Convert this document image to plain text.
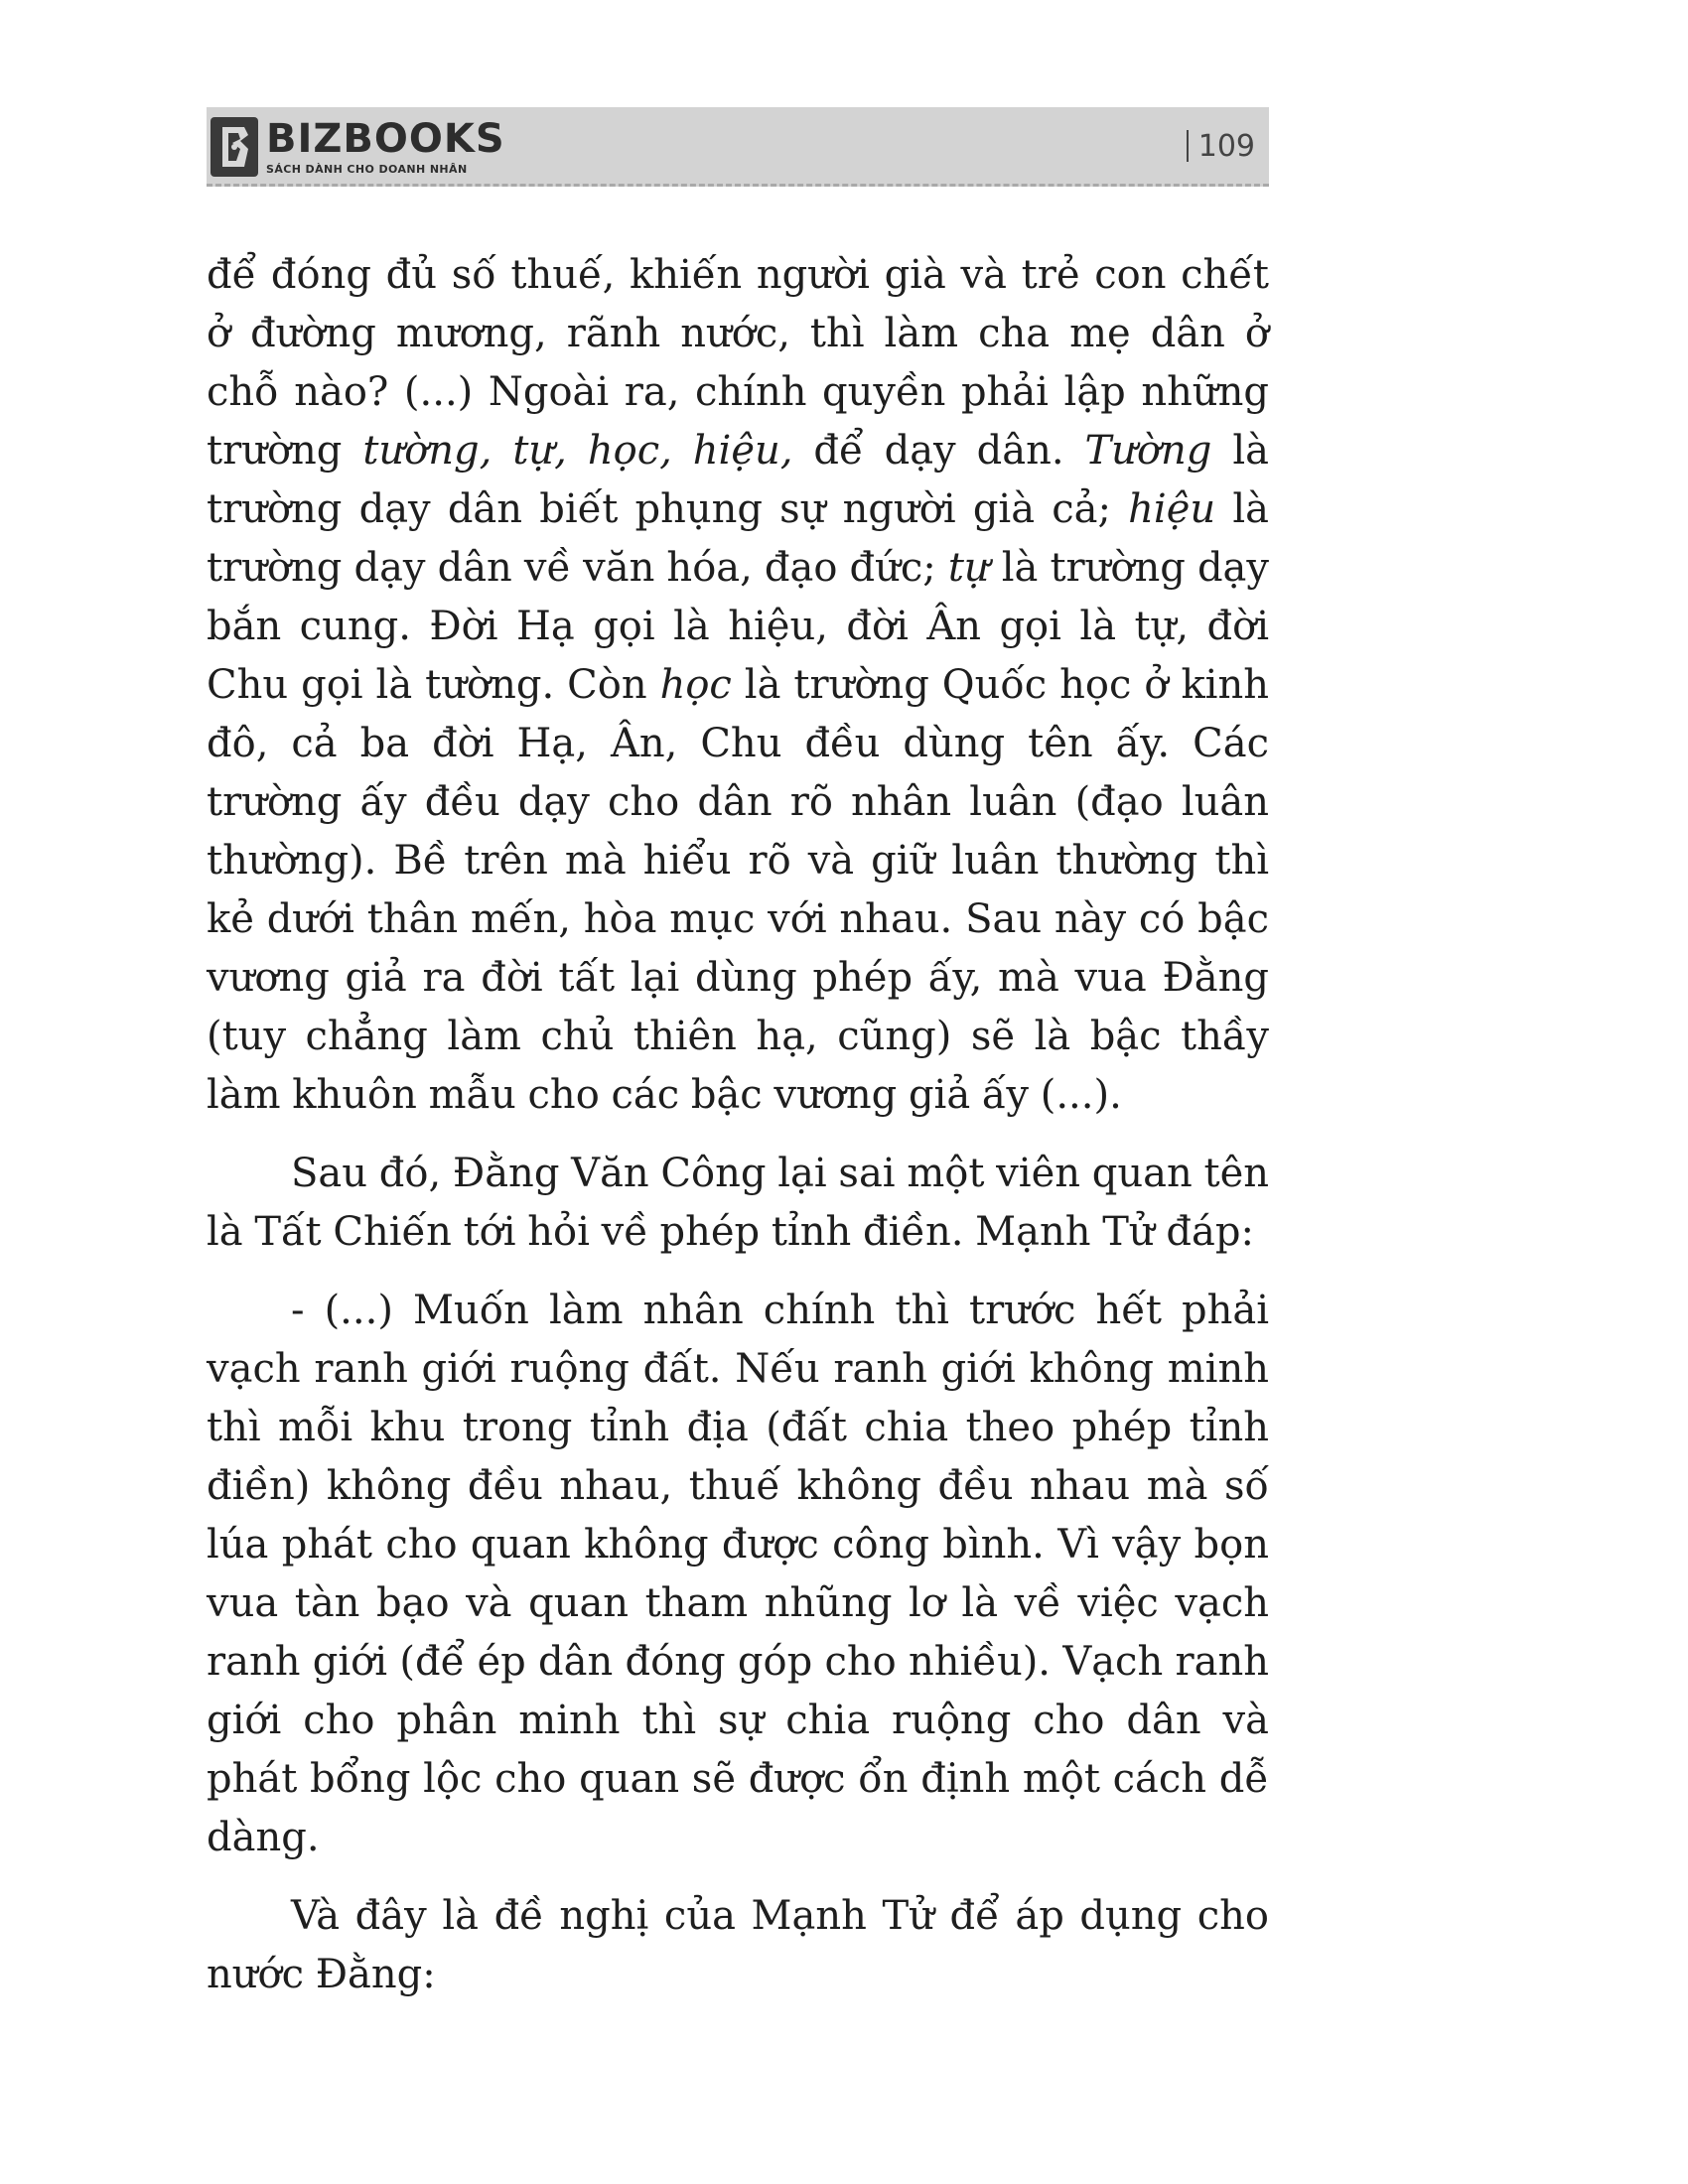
BIZBOOKS
SÁCH DÀNH CHO DOANH NHÂN
109

để đóng đủ số thuế, khiến người già và trẻ con chết ở đường mương, rãnh nước, thì làm cha mẹ dân ở chỗ nào? (...) Ngoài ra, chính quyền phải lập những trường tường, tự, học, hiệu, để dạy dân. Tường là trường dạy dân biết phụng sự người già cả; hiệu là trường dạy dân về văn hóa, đạo đức; tự là trường dạy bắn cung. Đời Hạ gọi là hiệu, đời Ân gọi là tự, đời Chu gọi là tường. Còn học là trường Quốc học ở kinh đô, cả ba đời Hạ, Ân, Chu đều dùng tên ấy. Các trường ấy đều dạy cho dân rõ nhân luân (đạo luân thường). Bề trên mà hiểu rõ và giữ luân thường thì kẻ dưới thân mến, hòa mục với nhau. Sau này có bậc vương giả ra đời tất lại dùng phép ấy, mà vua Đằng (tuy chẳng làm chủ thiên hạ, cũng) sẽ là bậc thầy làm khuôn mẫu cho các bậc vương giả ấy (...).

Sau đó, Đằng Văn Công lại sai một viên quan tên là Tất Chiến tới hỏi về phép tỉnh điền. Mạnh Tử đáp:

- (...) Muốn làm nhân chính thì trước hết phải vạch ranh giới ruộng đất. Nếu ranh giới không minh thì mỗi khu trong tỉnh địa (đất chia theo phép tỉnh điền) không đều nhau, thuế không đều nhau mà số lúa phát cho quan không được công bình. Vì vậy bọn vua tàn bạo và quan tham nhũng lơ là về việc vạch ranh giới (để ép dân đóng góp cho nhiều). Vạch ranh giới cho phân minh thì sự chia ruộng cho dân và phát bổng lộc cho quan sẽ được ổn định một cách dễ dàng.

Và đây là đề nghị của Mạnh Tử để áp dụng cho nước Đằng:
